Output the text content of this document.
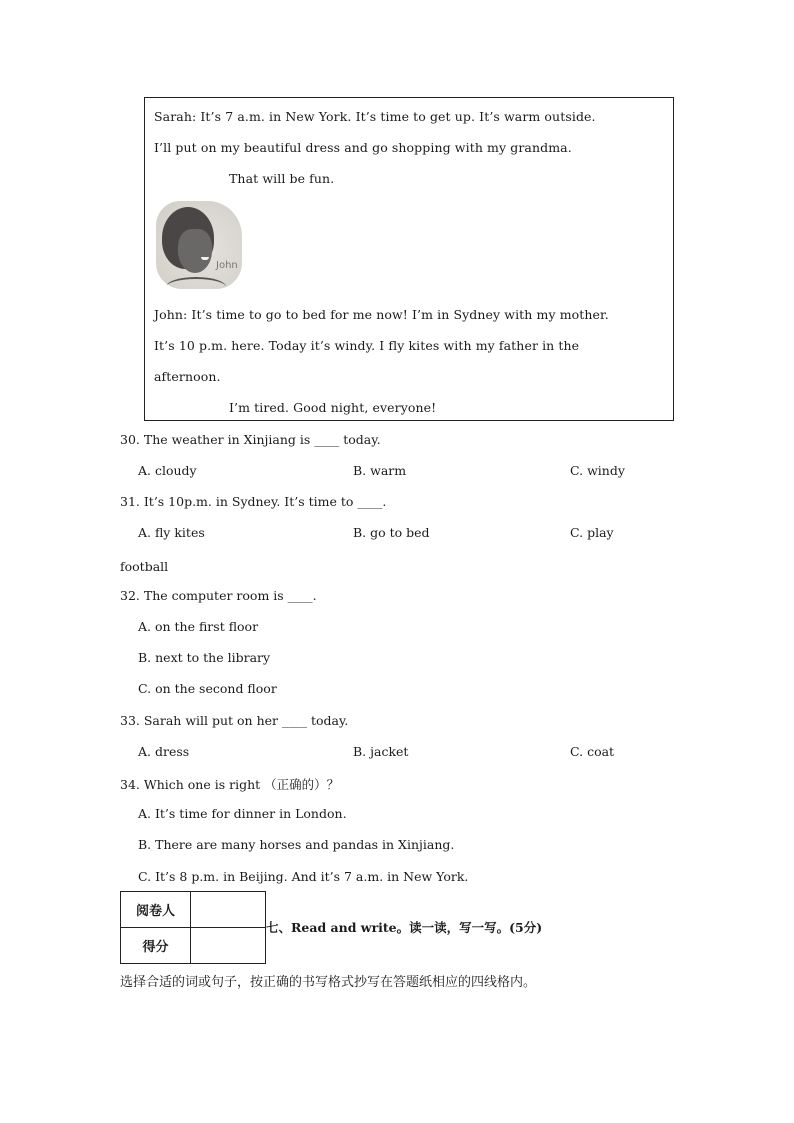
Sarah: It’s 7 a.m. in New York. It’s time to get up. It’s warm outside.
I’ll put on my beautiful dress and go shopping with my grandma.
That will be fun.
John
John: It’s time to go to bed for me now! I’m in Sydney with my mother.
It’s 10 p.m. here. Today it’s windy. I fly kites with my father in the
afternoon.
I’m tired. Good night, everyone!
30. The weather in Xinjiang is ____ today.
A. cloudy	B. warm	C. windy
31. It’s 10p.m. in Sydney. It’s time to ____.
A. fly kites	B. go to bed	C. play
football
32. The computer room is ____.
A. on the first floor
B. next to the library
C. on the second floor
33. Sarah will put on her ____ today.
A. dress	B. jacket	C. coat
34. Which one is right （正确的）？
A. It’s time for dinner in London.
B. There are many horses and pandas in Xinjiang.
C. It’s 8 p.m. in Beijing. And it’s 7 a.m. in New York.
阅卷人	
得分	
七、Read and write。读一读，写一写。(5分)
选择合适的词或句子，按正确的书写格式抄写在答题纸相应的四线格内。
